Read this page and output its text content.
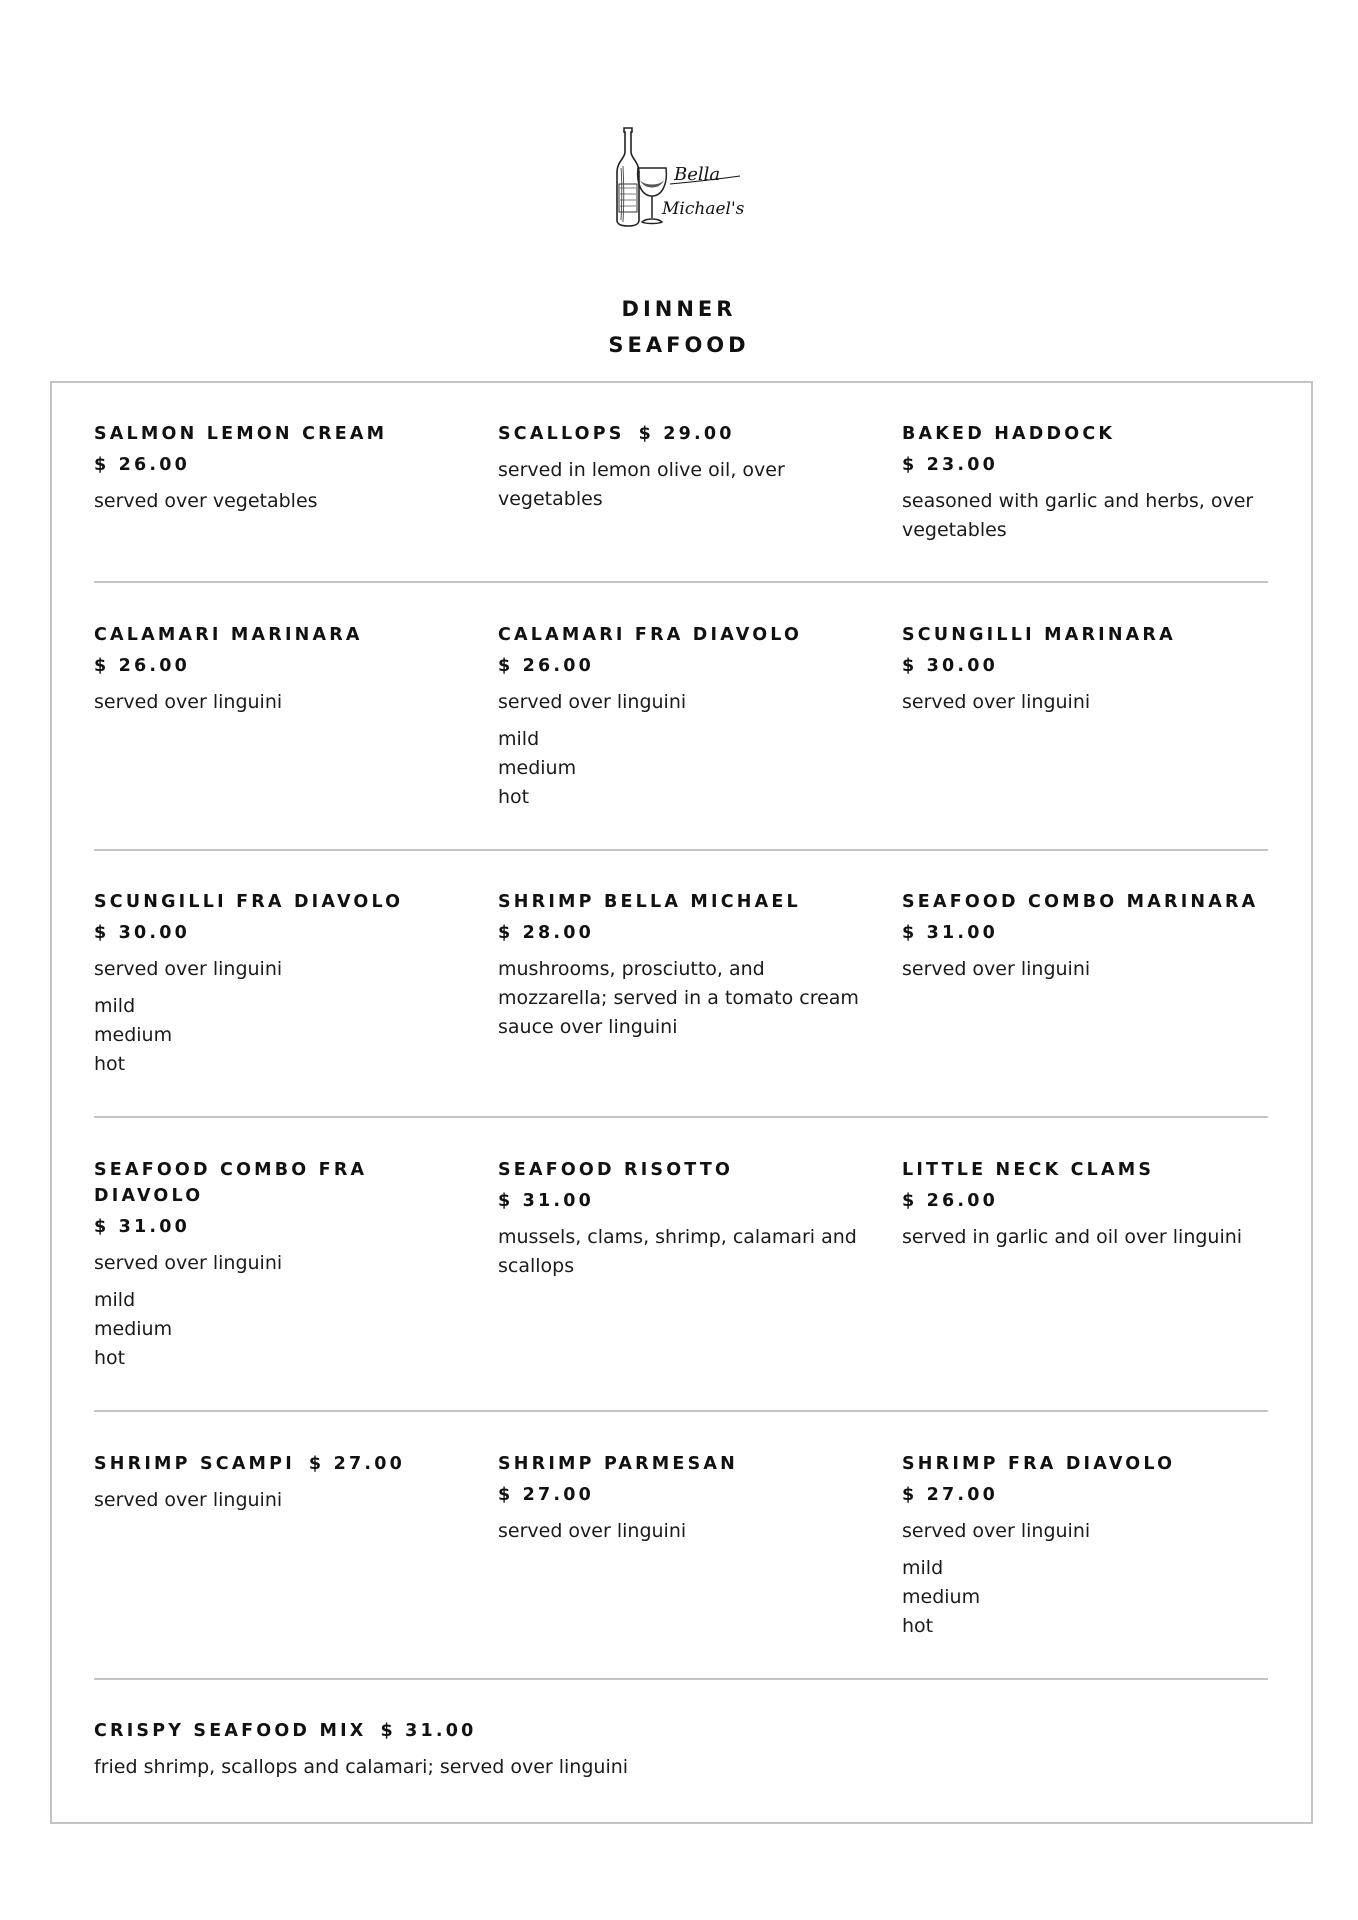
Bella
Michael's
DINNER
SEAFOOD
SALMON LEMON CREAM
$ 26.00
served over vegetables
SCALLOPS $ 29.00
served in lemon olive oil, over vegetables
BAKED HADDOCK
$ 23.00
seasoned with garlic and herbs, over vegetables
CALAMARI MARINARA
$ 26.00
served over linguini
CALAMARI FRA DIAVOLO
$ 26.00
served over linguini
mild
medium
hot
SCUNGILLI MARINARA
$ 30.00
served over linguini
SCUNGILLI FRA DIAVOLO
$ 30.00
served over linguini
mild
medium
hot
SHRIMP BELLA MICHAEL
$ 28.00
mushrooms, prosciutto, and mozzarella; served in a tomato cream sauce over linguini
SEAFOOD COMBO MARINARA
$ 31.00
served over linguini
SEAFOOD COMBO FRA DIAVOLO
$ 31.00
served over linguini
mild
medium
hot
SEAFOOD RISOTTO
$ 31.00
mussels, clams, shrimp, calamari and scallops
LITTLE NECK CLAMS
$ 26.00
served in garlic and oil over linguini
SHRIMP SCAMPI $ 27.00
served over linguini
SHRIMP PARMESAN
$ 27.00
served over linguini
SHRIMP FRA DIAVOLO
$ 27.00
served over linguini
mild
medium
hot
CRISPY SEAFOOD MIX $ 31.00
fried shrimp, scallops and calamari; served over linguini
